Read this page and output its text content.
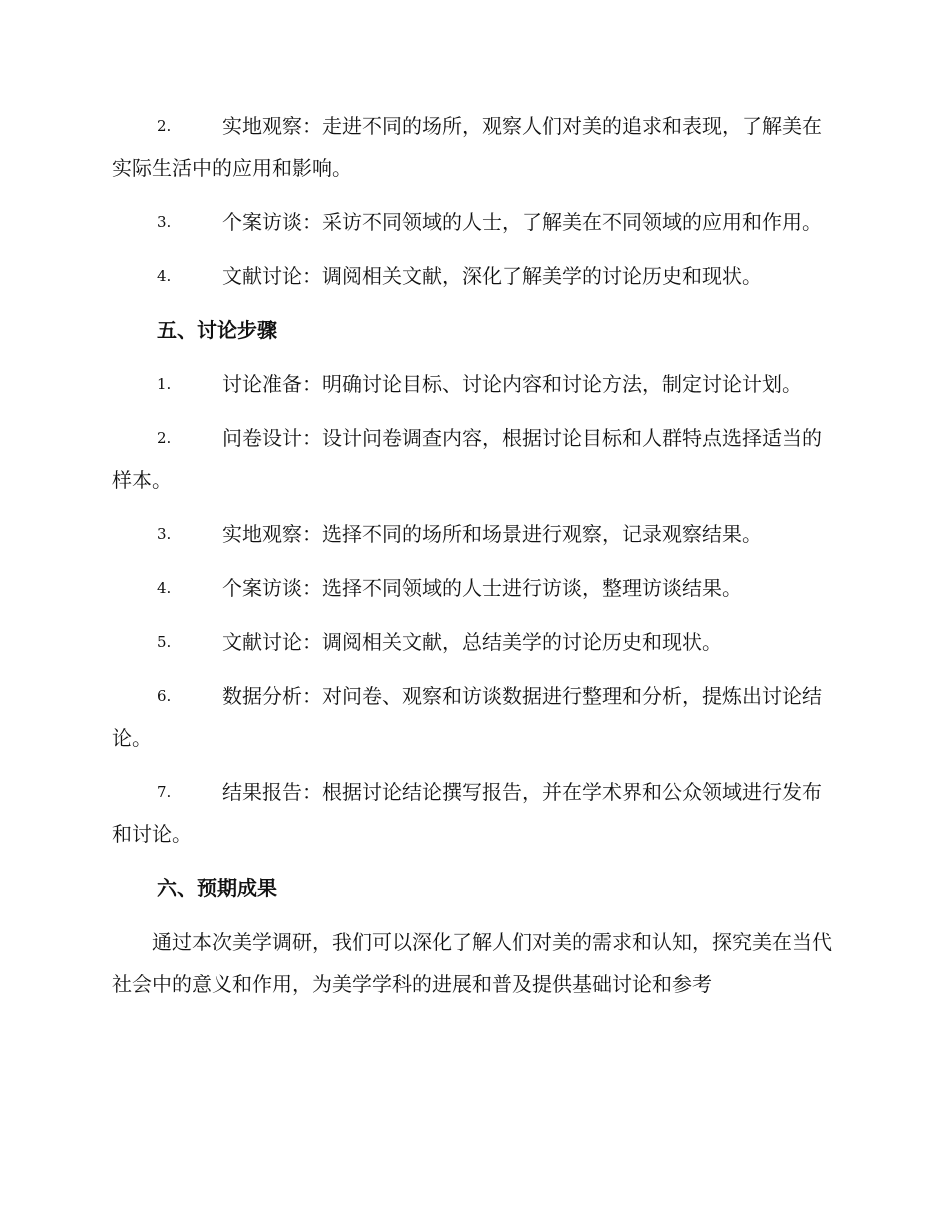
2.	实地观察：走进不同的场所，观察人们对美的追求和表现，了解美在实际生活中的应用和影响。
3.	个案访谈：采访不同领域的人士，了解美在不同领域的应用和作用。
4.	文献讨论：调阅相关文献，深化了解美学的讨论历史和现状。
五、讨论步骤
1.	讨论准备：明确讨论目标、讨论内容和讨论方法，制定讨论计划。
2.	问卷设计：设计问卷调查内容，根据讨论目标和人群特点选择适当的样本。
3.	实地观察：选择不同的场所和场景进行观察，记录观察结果。
4.	个案访谈：选择不同领域的人士进行访谈，整理访谈结果。
5.	文献讨论：调阅相关文献，总结美学的讨论历史和现状。
6.	数据分析：对问卷、观察和访谈数据进行整理和分析，提炼出讨论结论。
7.	结果报告：根据讨论结论撰写报告，并在学术界和公众领域进行发布和讨论。
六、预期成果

通过本次美学调研，我们可以深化了解人们对美的需求和认知，探究美在当代社会中的意义和作用，为美学学科的进展和普及提供基础讨论和参考
